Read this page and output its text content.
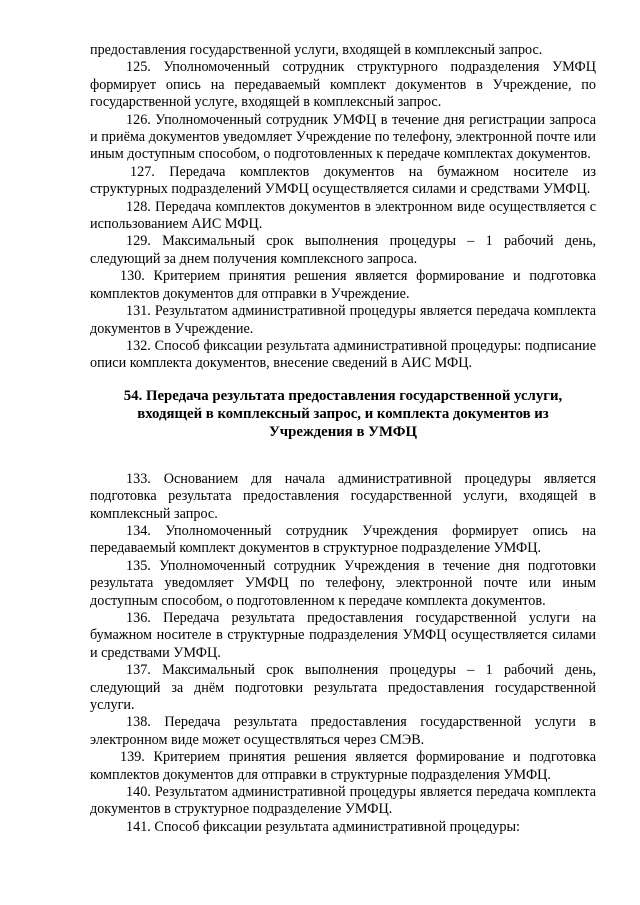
предоставления государственной услуги, входящей в комплексный запрос.

125. Уполномоченный сотрудник структурного подразделения УМФЦ формирует опись на передаваемый комплект документов в Учреждение, по государственной услуге, входящей в комплексный запрос.

126. Уполномоченный сотрудник УМФЦ в течение дня регистрации запроса и приёма документов уведомляет Учреждение по телефону, электронной почте или иным доступным способом, о подготовленных к передаче комплектах документов.

127. Передача комплектов документов на бумажном носителе из структурных подразделений УМФЦ осуществляется силами и средствами УМФЦ.

128. Передача комплектов документов в электронном виде осуществляется с использованием АИС МФЦ.

129. Максимальный срок выполнения процедуры – 1 рабочий день, следующий за днем получения комплексного запроса.

130. Критерием принятия решения является формирование и подготовка комплектов документов для отправки в Учреждение.

131. Результатом административной процедуры является передача комплекта документов в Учреждение.

132. Способ фиксации результата административной процедуры: подписание описи комплекта документов, внесение сведений в АИС МФЦ.

54. Передача результата предоставления государственной услуги,
входящей в комплексный запрос, и комплекта документов из
Учреждения в УМФЦ

133. Основанием для начала административной процедуры является подготовка результата предоставления государственной услуги, входящей в комплексный запрос.

134. Уполномоченный сотрудник Учреждения формирует опись на передаваемый комплект документов в структурное подразделение УМФЦ.

135. Уполномоченный сотрудник Учреждения в течение дня подготовки результата уведомляет УМФЦ по телефону, электронной почте или иным доступным способом, о подготовленном к передаче комплекта документов.

136. Передача результата предоставления государственной услуги на бумажном носителе в структурные подразделения УМФЦ осуществляется силами и средствами УМФЦ.

137. Максимальный срок выполнения процедуры – 1 рабочий день, следующий за днём подготовки результата предоставления государственной услуги.

138. Передача результата предоставления государственной услуги в электронном виде может осуществляться через СМЭВ.

139. Критерием принятия решения является формирование и подготовка комплектов документов для отправки в структурные подразделения УМФЦ.

140. Результатом административной процедуры является передача комплекта документов в структурное подразделение УМФЦ.

141. Способ фиксации результата административной процедуры:
